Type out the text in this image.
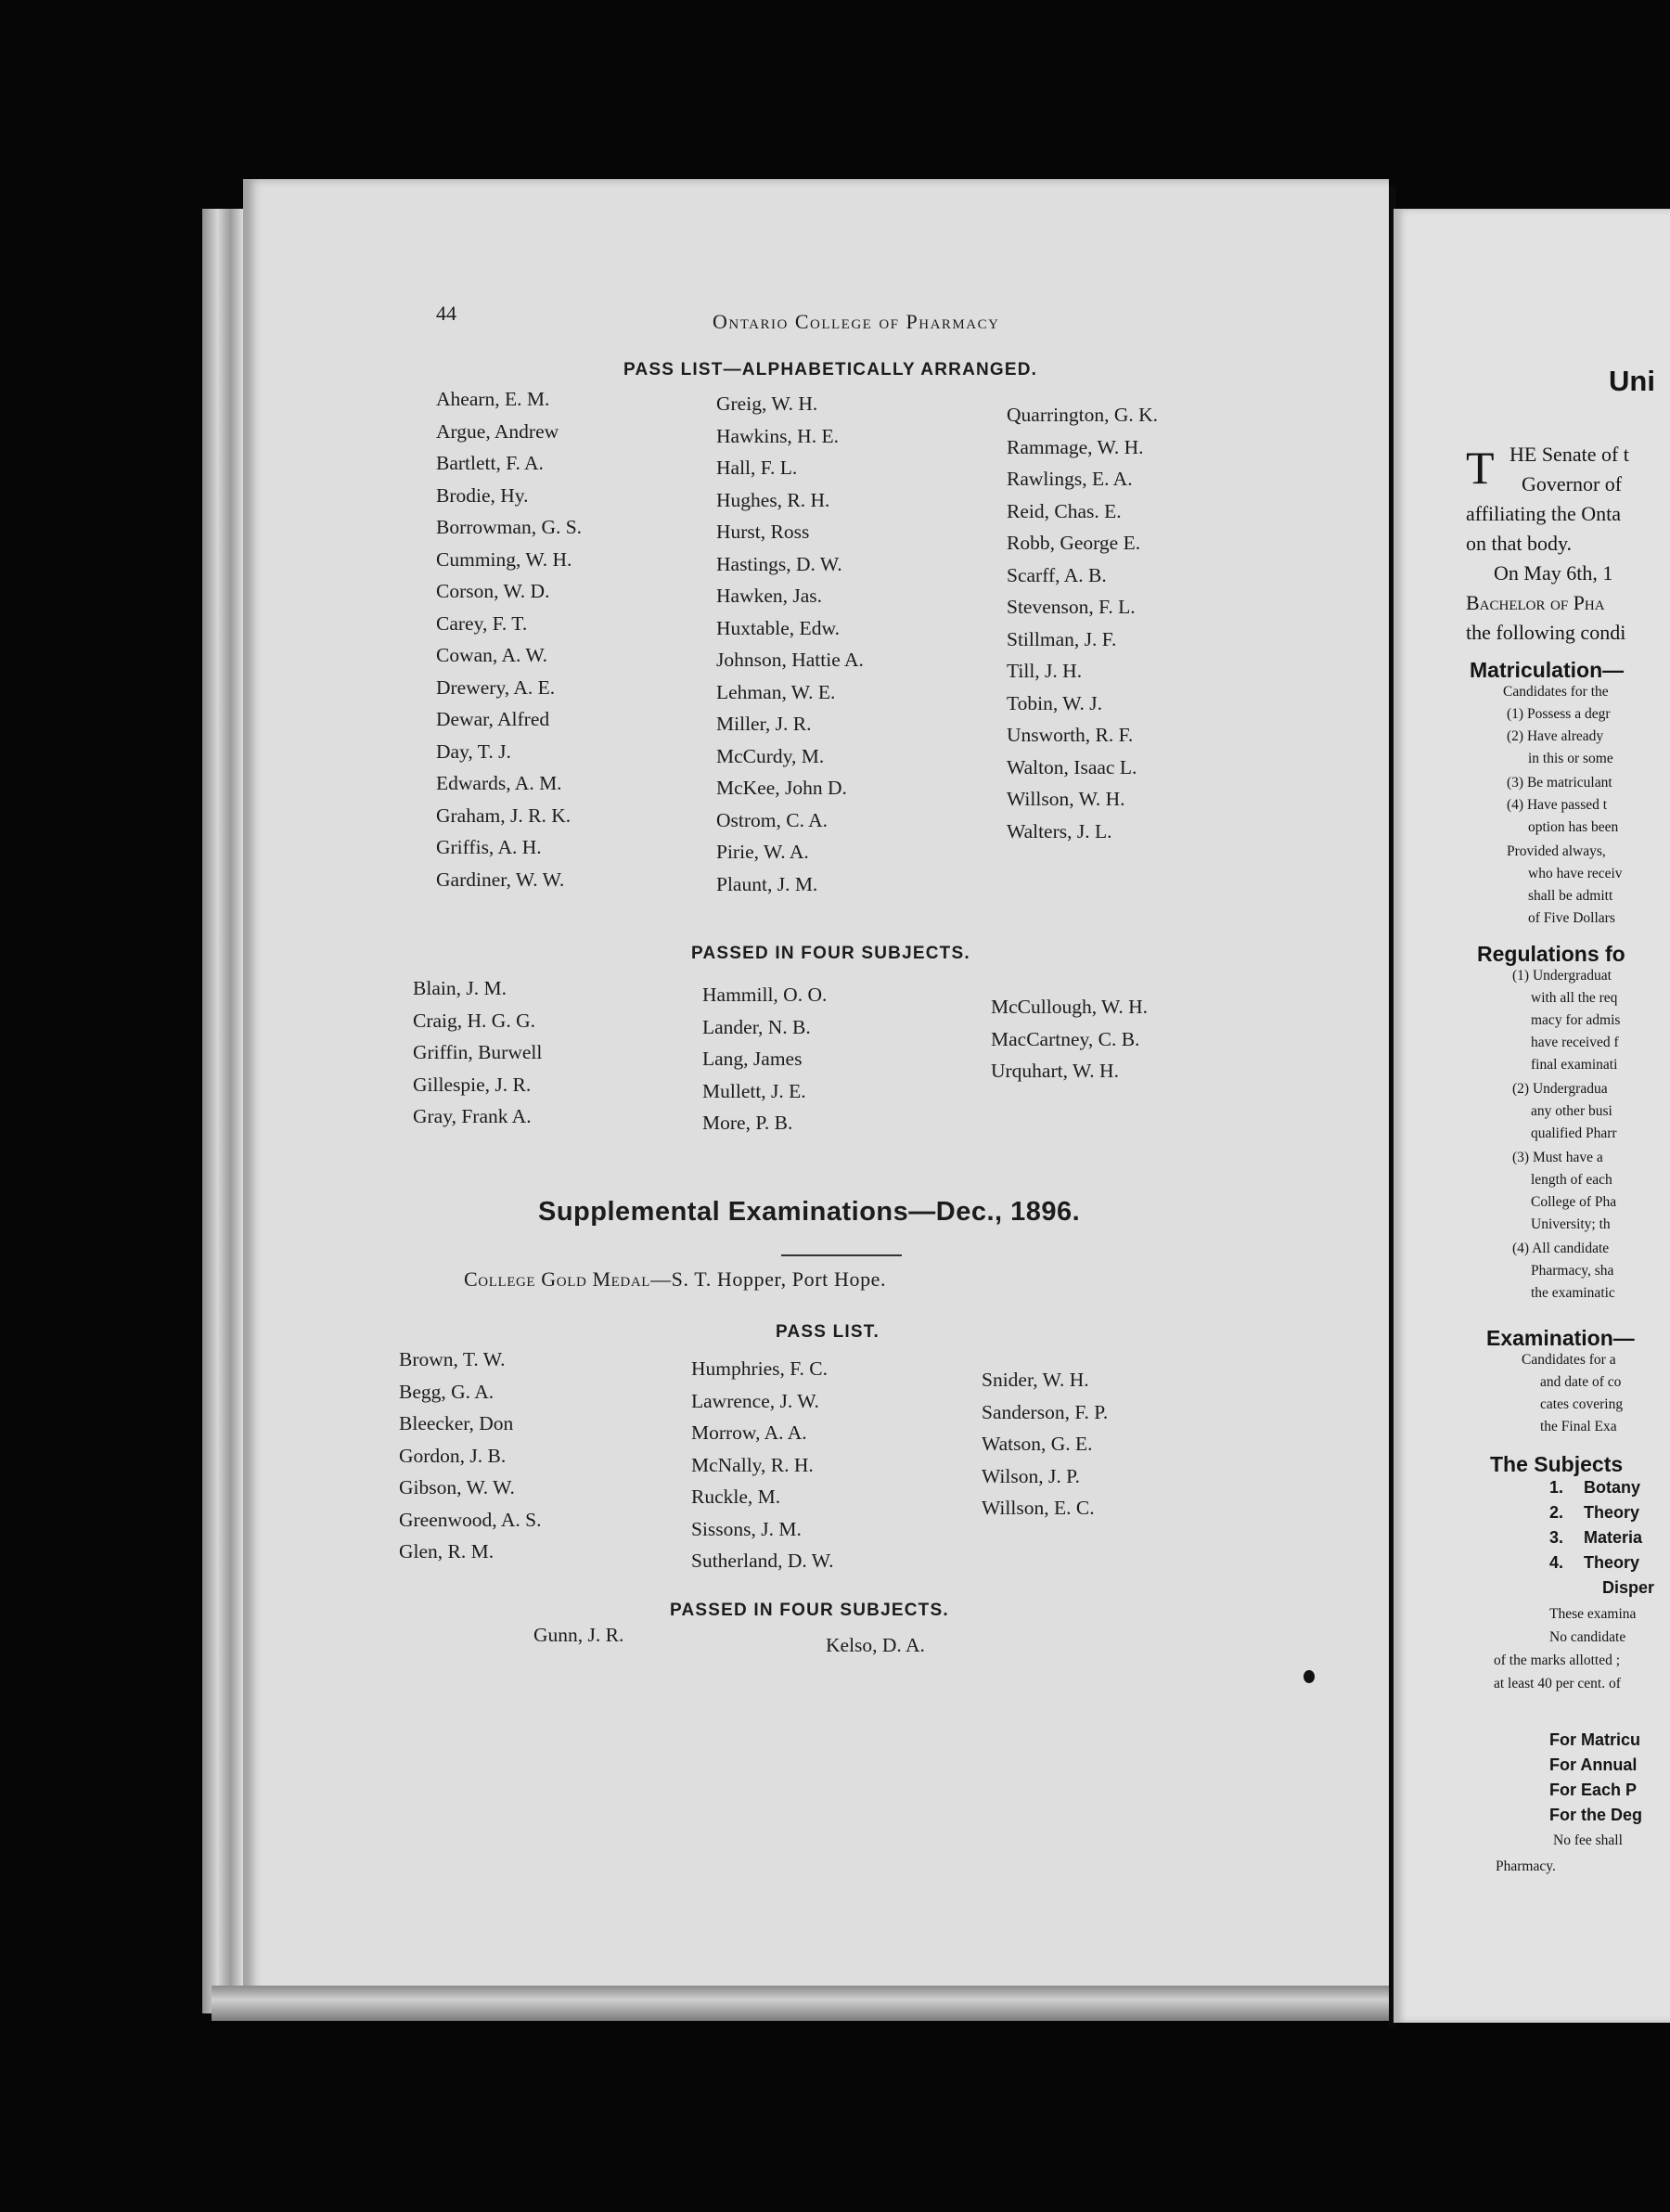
44	Ontario College of Pharmacy
PASS LIST—ALPHABETICALLY ARRANGED.
Ahearn, E. M.
Argue, Andrew
Bartlett, F. A.
Brodie, Hy.
Borrowman, G. S.
Cumming, W. H.
Corson, W. D.
Carey, F. T.
Cowan, A. W.
Drewery, A. E.
Dewar, Alfred
Day, T. J.
Edwards, A. M.
Graham, J. R. K.
Griffis, A. H.
Gardiner, W. W.
Greig, W. H.
Hawkins, H. E.
Hall, F. L.
Hughes, R. H.
Hurst, Ross
Hastings, D. W.
Hawken, Jas.
Huxtable, Edw.
Johnson, Hattie A.
Lehman, W. E.
Miller, J. R.
McCurdy, M.
McKee, John D.
Ostrom, C. A.
Pirie, W. A.
Plaunt, J. M.
Quarrington, G. K.
Rammage, W. H.
Rawlings, E. A.
Reid, Chas. E.
Robb, George E.
Scarff, A. B.
Stevenson, F. L.
Stillman, J. F.
Till, J. H.
Tobin, W. J.
Unsworth, R. F.
Walton, Isaac L.
Willson, W. H.
Walters, J. L.
PASSED IN FOUR SUBJECTS.
Blain, J. M.
Craig, H. G. G.
Griffin, Burwell
Gillespie, J. R.
Gray, Frank A.
Hammill, O. O.
Lander, N. B.
Lang, James
Mullett, J. E.
More, P. B.
McCullough, W. H.
MacCartney, C. B.
Urquhart, W. H.
Supplemental Examinations—Dec., 1896.
College Gold Medal—S. T. Hopper, Port Hope.
PASS LIST.
Brown, T. W.
Begg, G. A.
Bleecker, Don
Gordon, J. B.
Gibson, W. W.
Greenwood, A. S.
Glen, R. M.
Humphries, F. C.
Lawrence, J. W.
Morrow, A. A.
McNally, R. H.
Ruckle, M.
Sissons, J. M.
Sutherland, D. W.
Snider, W. H.
Sanderson, F. P.
Watson, G. E.
Wilson, J. P.
Willson, E. C.
PASSED IN FOUR SUBJECTS.
Gunn, J. R.	Kelso, D. A.
Uni
T HE Senate of t
Governor of
affiliating the Onta
on that body.
On May 6th, 1
Bachelor of Pha
the following condi
Matriculation—
Candidates for the
(1) Possess a degr
(2) Have already
in this or some
(3) Be matriculant
(4) Have passed t
option has been
Provided always,
who have receiv
shall be admitt
of Five Dollars
Regulations fo
(1) Undergraduat
with all the req
macy for admis
have received f
final examinati
(2) Undergradua
any other busi
qualified Pharr
(3) Must have a
length of each
College of Pha
University; th
(4) All candidate
Pharmacy, sha
the examinatic
Examination—
Candidates for a
and date of co
cates covering
the Final Exa
The Subjects
1. Botany
2. Theory
3. Materia
4. Theory
Disper
These examina
No candidate
of the marks allotted ;
at least 40 per cent. of
For Matricu
For Annual
For Each P
For the Deg
No fee shall
Pharmacy.
